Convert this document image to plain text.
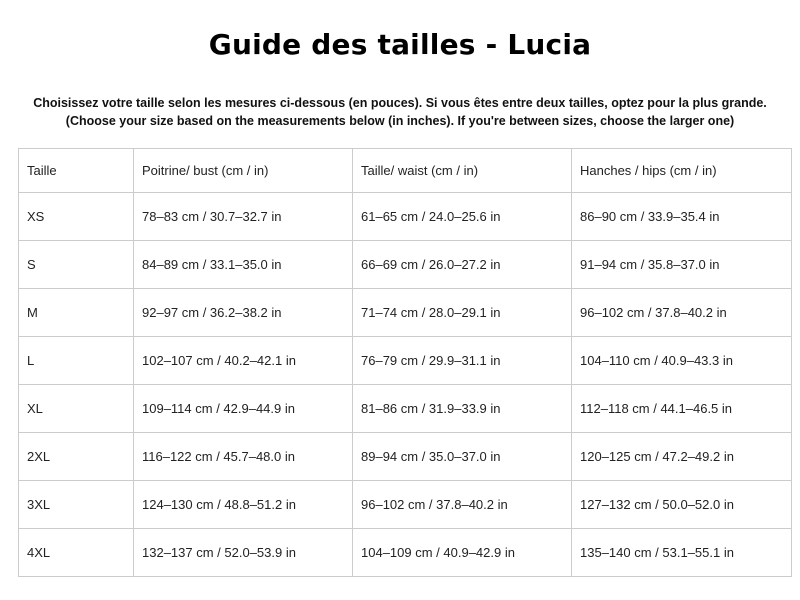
Guide des tailles - Lucia

Choisissez votre taille selon les mesures ci-dessous (en pouces). Si vous êtes entre deux tailles, optez pour la plus grande.

(Choose your size based on the measurements below (in inches). If you're between sizes, choose the larger one)

Taille	Poitrine/ bust (cm / in)	Taille/ waist (cm / in)	Hanches / hips (cm / in)
XS	78–83 cm / 30.7–32.7 in	61–65 cm / 24.0–25.6 in	86–90 cm / 33.9–35.4 in
S	84–89 cm / 33.1–35.0 in	66–69 cm / 26.0–27.2 in	91–94 cm / 35.8–37.0 in
M	92–97 cm / 36.2–38.2 in	71–74 cm / 28.0–29.1 in	96–102 cm / 37.8–40.2 in
L	102–107 cm / 40.2–42.1 in	76–79 cm / 29.9–31.1 in	104–110 cm / 40.9–43.3 in
XL	109–114 cm / 42.9–44.9 in	81–86 cm / 31.9–33.9 in	112–118 cm / 44.1–46.5 in
2XL	116–122 cm / 45.7–48.0 in	89–94 cm / 35.0–37.0 in	120–125 cm / 47.2–49.2 in
3XL	124–130 cm / 48.8–51.2 in	96–102 cm / 37.8–40.2 in	127–132 cm / 50.0–52.0 in
4XL	132–137 cm / 52.0–53.9 in	104–109 cm / 40.9–42.9 in	135–140 cm / 53.1–55.1 in
